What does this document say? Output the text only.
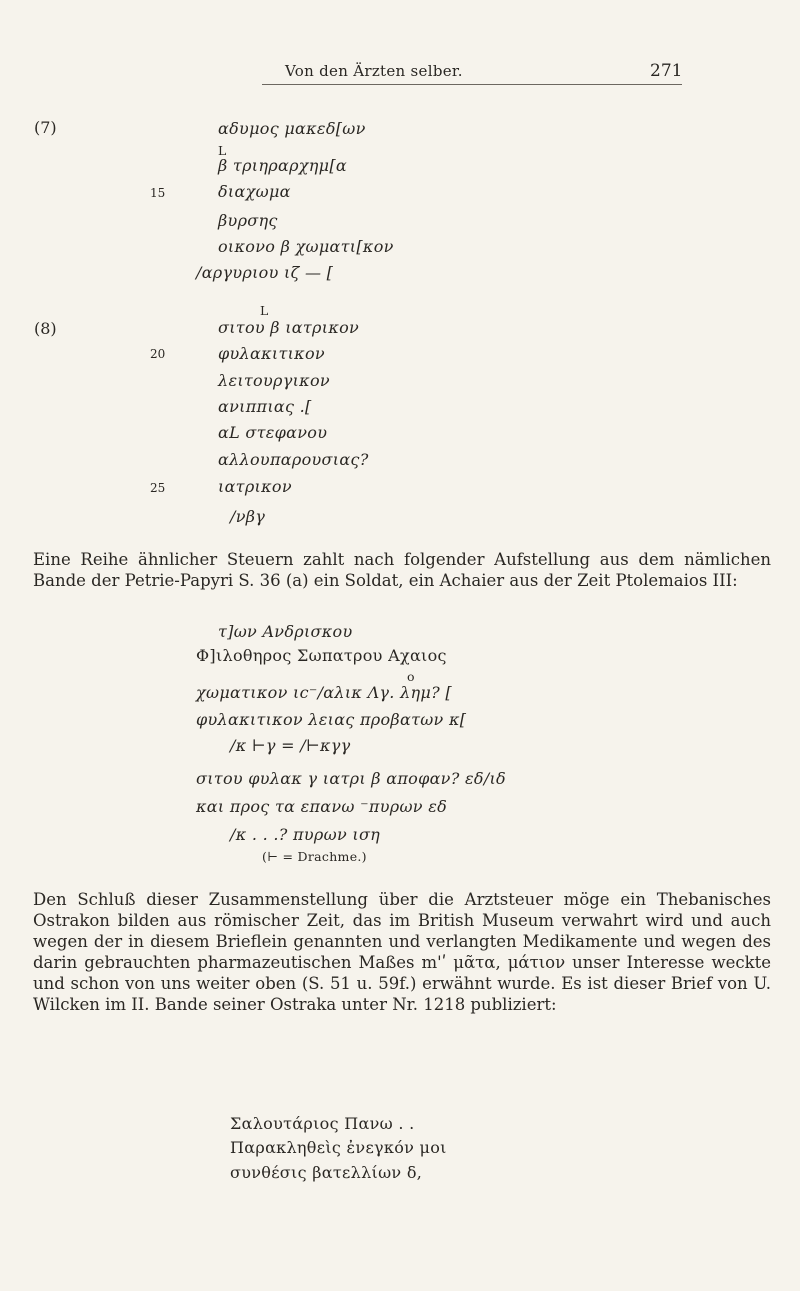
Von den Ärzten selber.	271
(7)	αδυμος μακεδ[ων
L
β τριηραρχημ[α
15	διαχωμα
βυρσης
οικονο β χωματι[κον
/αργυριου ιζ — [
L
(8)	σιτου β ιατρικον
20	φυλακιτικον
λειτουργικον
ανιππιας .[
αL στεφανου
αλλουπαρουσιας?
25	ιατρικον
/νβγ
Eine Reihe ähnlicher Steuern zahlt nach folgender Aufstellung aus dem nämlichen Bande der Petrie-Papyri S. 36 (a) ein Soldat, ein Achaier aus der Zeit Ptolemaios III:
τ]ων Ανδρισκου
Φ]ιλοθηρος Σωπατρου Αχαιος
ο
χωματικον ιc⁻/αλικ Λγ. λημ? [
φυλακιτικον λειας προβατων κ[
/κ ⊢γ = /⊢κγγ
σιτου φυλακ γ ιατρι β αποφαν? εδ/ιδ
και προς τα επανω ⁻πυρων εδ
/κ . . .? πυρων ιση
(⊢ = Drachme.)
Den Schluß dieser Zusammenstellung über die Arztsteuer möge ein Thebanisches Ostrakon bilden aus römischer Zeit, das im British Museum verwahrt wird und auch wegen der in diesem Brieflein genannten und verlangten Medikamente und wegen des darin gebrauchten pharmazeutischen Maßes m'ʹ μᾶτα, μάτιον unser Interesse weckte und schon von uns weiter oben (S. 51 u. 59f.) erwähnt wurde. Es ist dieser Brief von U. Wilcken im II. Bande seiner Ostraka unter Nr. 1218 publiziert:
Σαλουτάριος Πανω . .
Παρακληθεὶς ἐνεγκόν μοι
συνθέσις βατελλίων δ,
